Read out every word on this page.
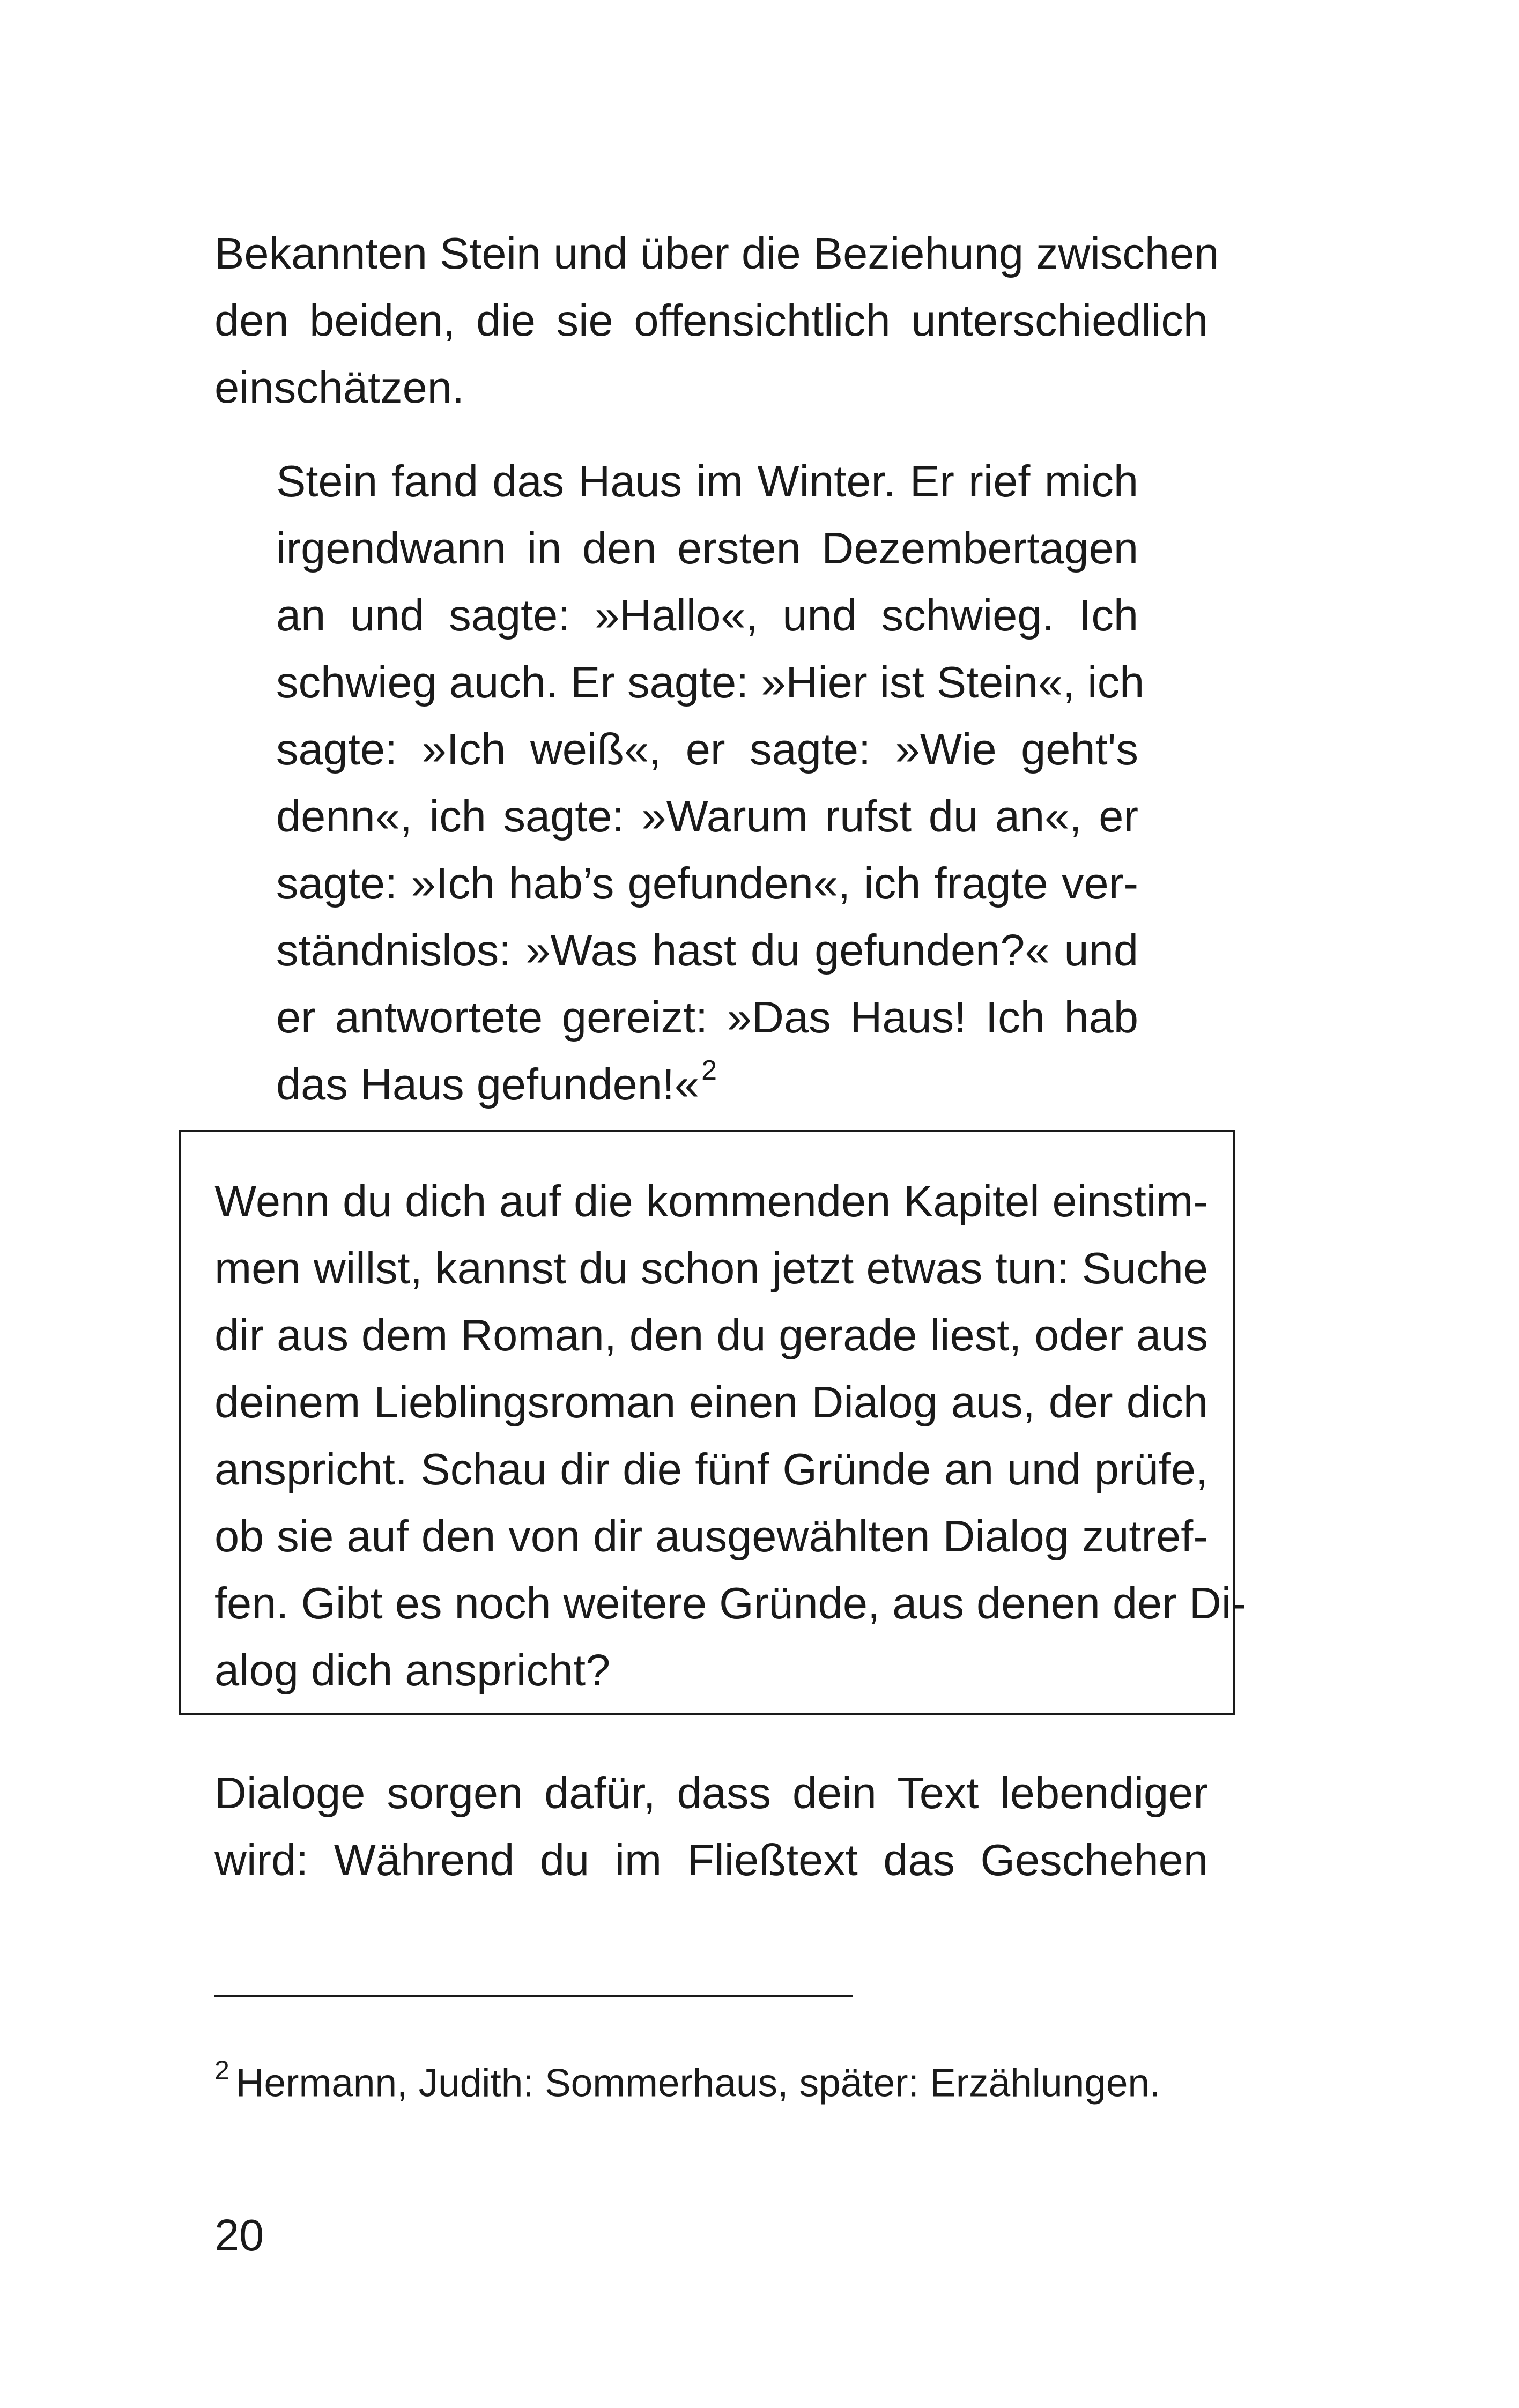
Bekannten Stein und über die Beziehung zwischen

den beiden, die sie offensichtlich unterschiedlich

einschätzen.

Stein fand das Haus im Winter. Er rief mich

irgendwann in den ersten Dezembertagen

an und sagte: »Hallo«, und schwieg. Ich

schwieg auch. Er sagte: »Hier ist Stein«, ich

sagte: »Ich weiß«, er sagte: »Wie geht's

denn«, ich sagte: »Warum rufst du an«, er

sagte: »Ich hab’s gefunden«, ich fragte ver-

ständnislos: »Was hast du gefunden?« und

er antwortete gereizt: »Das Haus! Ich hab

das Haus gefunden!«$^2$

Wenn du dich auf die kommenden Kapitel einstim-

men willst, kannst du schon jetzt etwas tun: Suche

dir aus dem Roman, den du gerade liest, oder aus

deinem Lieblingsroman einen Dialog aus, der dich

anspricht. Schau dir die fünf Gründe an und prüfe,

ob sie auf den von dir ausgewählten Dialog zutref-

fen. Gibt es noch weitere Gründe, aus denen der Di-

alog dich anspricht?

Dialoge sorgen dafür, dass dein Text lebendiger

wird: Während du im Fließtext das Geschehen

$^2$ Hermann, Judith: Sommerhaus, später: Erzählungen.

20
